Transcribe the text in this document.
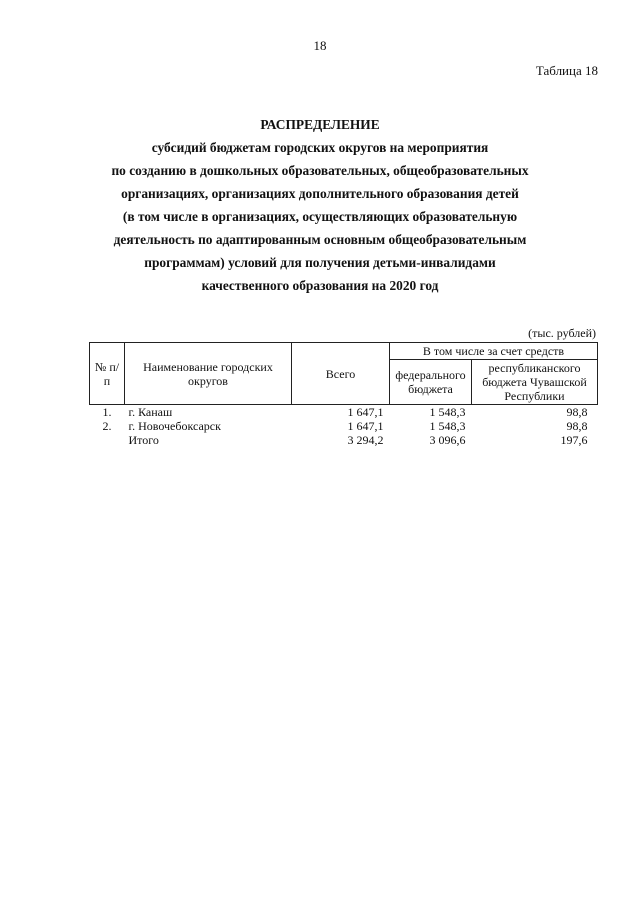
18
Таблица 18
РАСПРЕДЕЛЕНИЕ
субсидий бюджетам городских округов на мероприятия
по созданию в дошкольных образовательных, общеобразовательных
организациях, организациях дополнительного образования детей
(в том числе в организациях, осуществляющих образовательную
деятельность по адаптированным основным общеобразовательным
программам) условий для получения детьми-инвалидами
качественного образования на 2020 год
(тыс. рублей)
№ п/п	Наименование городских округов	Всего	В том числе за счет средств	
			федерального бюджета	республиканского бюджета Чувашской Республики
1.	г. Канаш	1 647,1	1 548,3	98,8
2.	г. Новочебоксарск	1 647,1	1 548,3	98,8
	Итого	3 294,2	3 096,6	197,6
